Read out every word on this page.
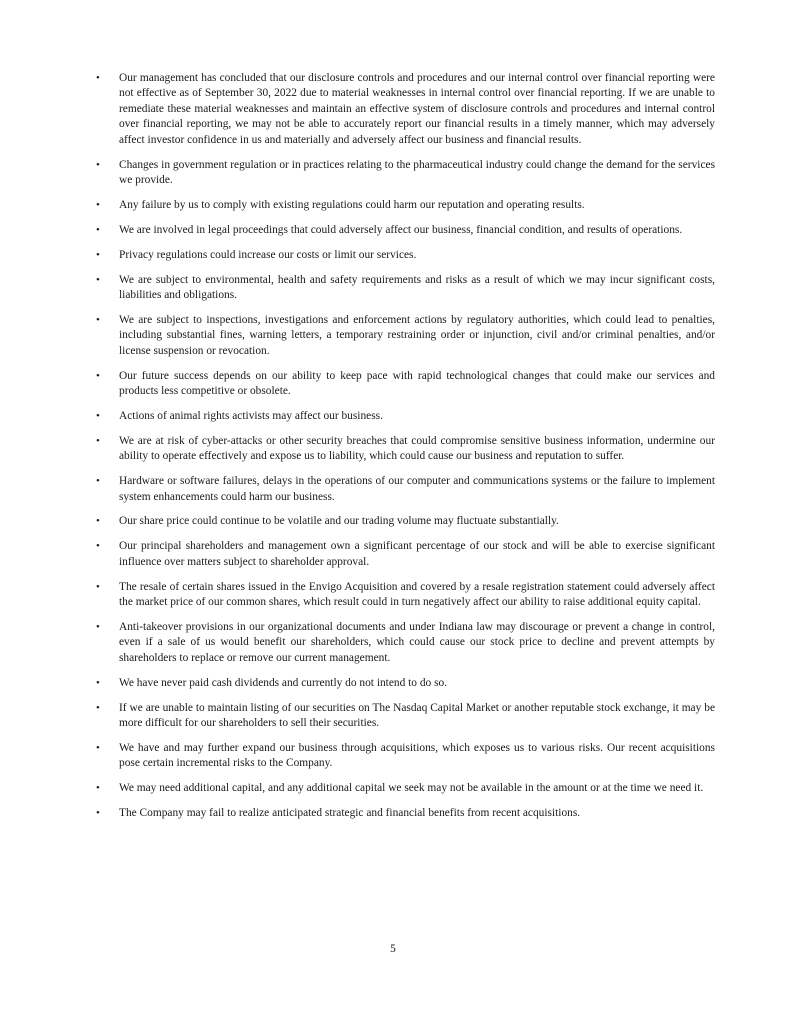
• Our management has concluded that our disclosure controls and procedures and our internal control over financial reporting were not effective as of September 30, 2022 due to material weaknesses in internal control over financial reporting. If we are unable to remediate these material weaknesses and maintain an effective system of disclosure controls and procedures and internal control over financial reporting, we may not be able to accurately report our financial results in a timely manner, which may adversely affect investor confidence in us and materially and adversely affect our business and financial results.
• Changes in government regulation or in practices relating to the pharmaceutical industry could change the demand for the services we provide.
• Any failure by us to comply with existing regulations could harm our reputation and operating results.
• We are involved in legal proceedings that could adversely affect our business, financial condition, and results of operations.
• Privacy regulations could increase our costs or limit our services.
• We are subject to environmental, health and safety requirements and risks as a result of which we may incur significant costs, liabilities and obligations.
• We are subject to inspections, investigations and enforcement actions by regulatory authorities, which could lead to penalties, including substantial fines, warning letters, a temporary restraining order or injunction, civil and/or criminal penalties, and/or license suspension or revocation.
• Our future success depends on our ability to keep pace with rapid technological changes that could make our services and products less competitive or obsolete.
• Actions of animal rights activists may affect our business.
• We are at risk of cyber-attacks or other security breaches that could compromise sensitive business information, undermine our ability to operate effectively and expose us to liability, which could cause our business and reputation to suffer.
• Hardware or software failures, delays in the operations of our computer and communications systems or the failure to implement system enhancements could harm our business.
• Our share price could continue to be volatile and our trading volume may fluctuate substantially.
• Our principal shareholders and management own a significant percentage of our stock and will be able to exercise significant influence over matters subject to shareholder approval.
• The resale of certain shares issued in the Envigo Acquisition and covered by a resale registration statement could adversely affect the market price of our common shares, which result could in turn negatively affect our ability to raise additional equity capital.
• Anti-takeover provisions in our organizational documents and under Indiana law may discourage or prevent a change in control, even if a sale of us would benefit our shareholders, which could cause our stock price to decline and prevent attempts by shareholders to replace or remove our current management.
• We have never paid cash dividends and currently do not intend to do so.
• If we are unable to maintain listing of our securities on The Nasdaq Capital Market or another reputable stock exchange, it may be more difficult for our shareholders to sell their securities.
• We have and may further expand our business through acquisitions, which exposes us to various risks. Our recent acquisitions pose certain incremental risks to the Company.
• We may need additional capital, and any additional capital we seek may not be available in the amount or at the time we need it.
• The Company may fail to realize anticipated strategic and financial benefits from recent acquisitions.
5
